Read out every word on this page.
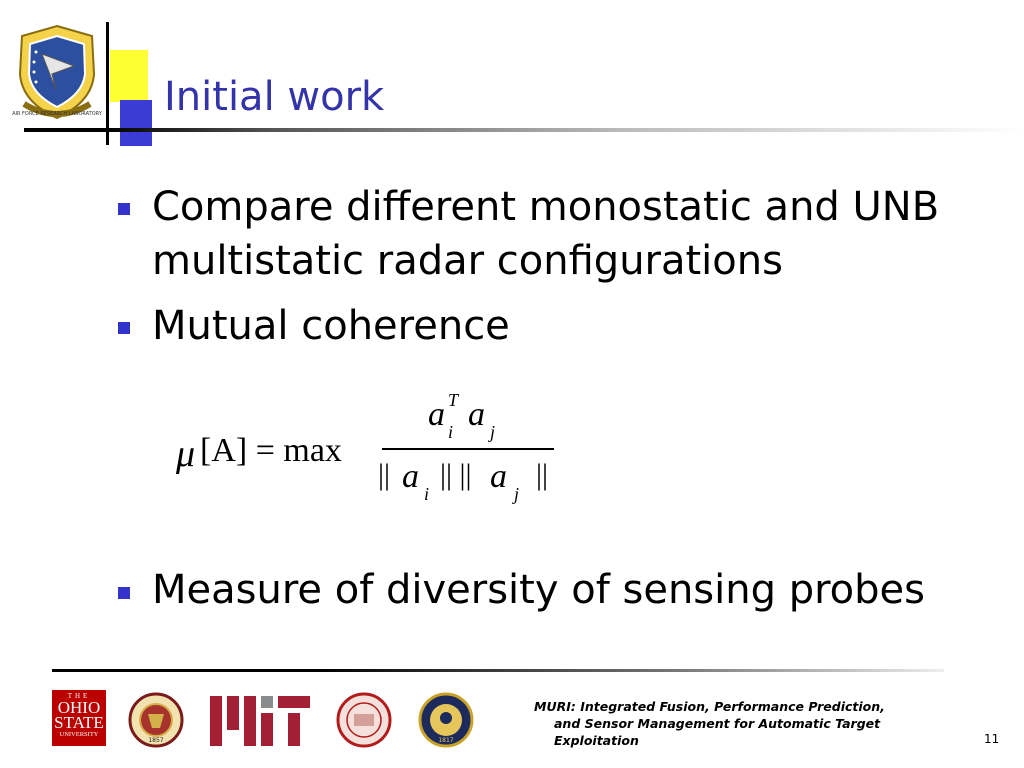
AIR FORCE RESEARCH LABORATORY Initial work
Compare different monostatic and UNB
multistatic radar configurations
Mutual coherence
μ [A] = max
a T
i a j
|| a i
|| || a j
||
Measure of diversity of sensing probes
THE
OHIO
STATE
UNIVERSITY
1857	1817
MURI: Integrated Fusion, Performance Prediction,
and Sensor Management for Automatic Target
Exploitation	11
